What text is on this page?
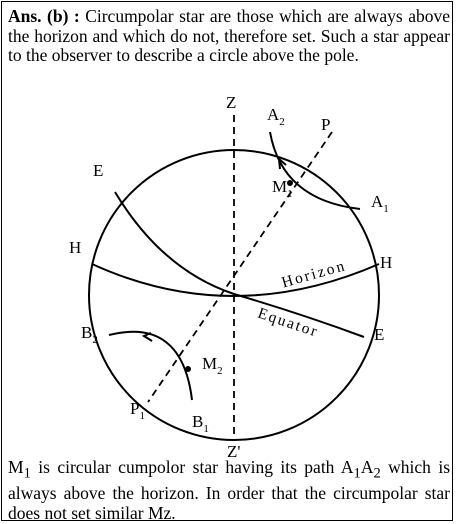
Ans. (b) : Circumpolar star are those which are always above the horizon and which do not, therefore set. Such a star appear to the observer to describe a circle above the pole.
Z
Z'
$A_2$ P
$M_1$	$A_1$
E
H
H
Horizon
Equator	E
$B_2$
$M_2$
$P_1$	$B_1$
$M_1$ is circular cumpolor star having its path $A_1A_2$ which is always above the horizon. In order that the circumpolar star does not set similar Mz.
